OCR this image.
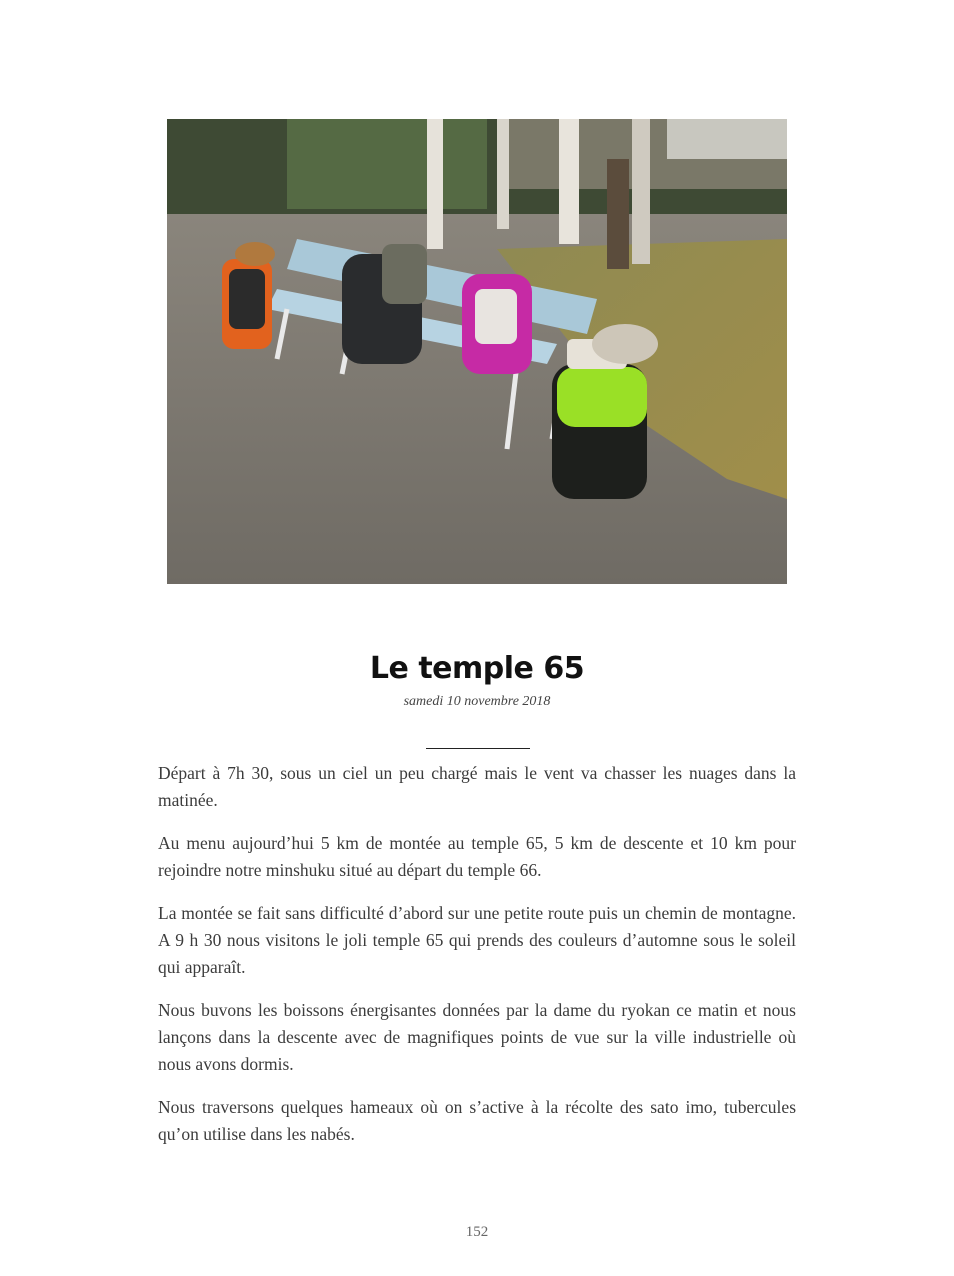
Le temple 65
samedi 10 novembre 2018

Départ à 7h 30, sous un ciel un peu chargé mais le vent va chasser les nuages dans la matinée.

Au menu aujourd’hui 5 km de montée au temple 65, 5 km de descente et 10 km pour rejoindre notre minshuku situé au départ du temple 66.

La montée se fait sans difficulté d’abord sur une petite route puis un chemin de montagne. A 9 h 30 nous visitons le joli temple 65 qui prends des couleurs d’automne sous le soleil qui apparaît.

Nous buvons les boissons énergisantes données par la dame du ryokan ce matin et nous lançons dans la descente avec de magnifiques points de vue sur la ville industrielle où nous avons dormis.

Nous traversons quelques hameaux où on s’active à la récolte des sato imo, tubercules qu’on utilise dans les nabés.

152
